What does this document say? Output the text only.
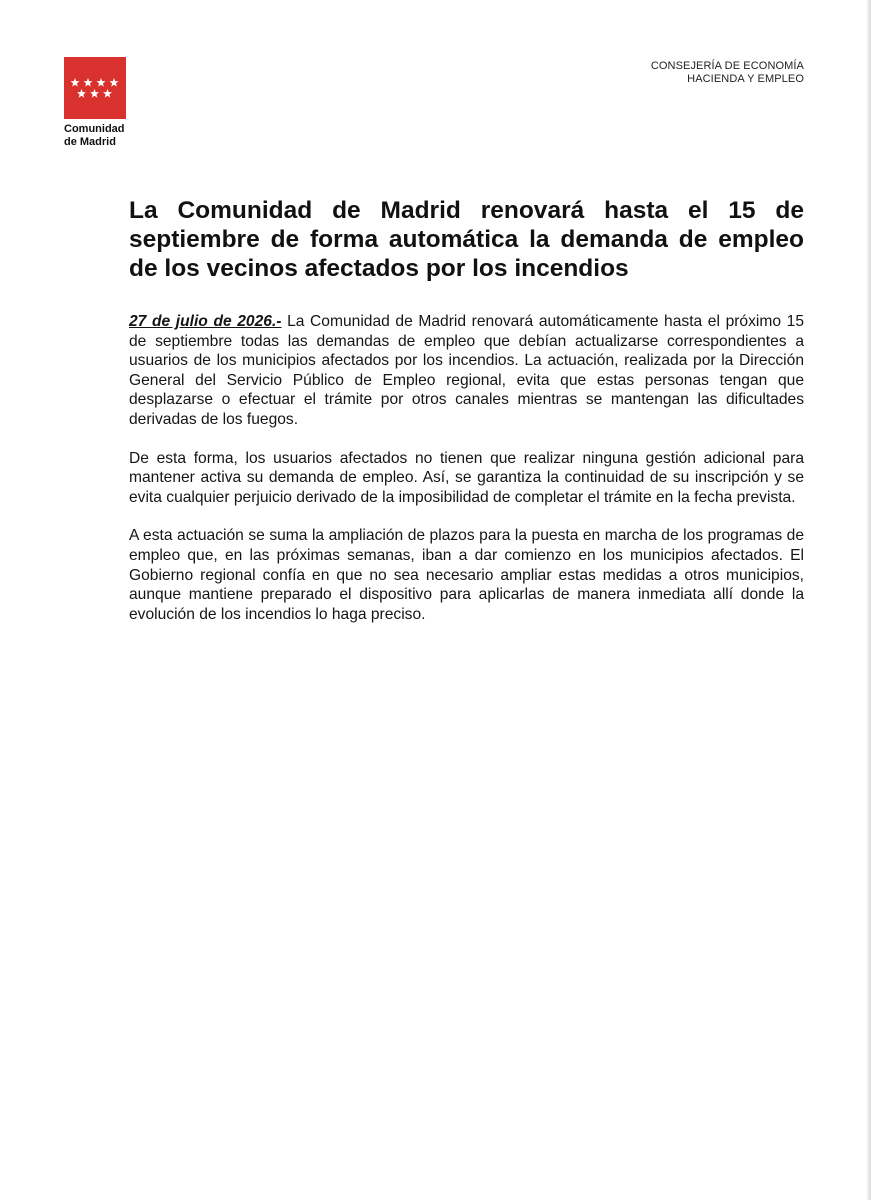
Comunidad
de Madrid
CONSEJERÍA DE ECONOMÍA
HACIENDA Y EMPLEO
La Comunidad de Madrid renovará hasta el 15 de septiembre de forma automática la demanda de empleo de los vecinos afectados por los incendios

27 de julio de 2026.- La Comunidad de Madrid renovará automáticamente hasta el próximo 15 de septiembre todas las demandas de empleo que debían actualizarse correspondientes a usuarios de los municipios afectados por los incendios. La actuación, realizada por la Dirección General del Servicio Público de Empleo regional, evita que estas personas tengan que desplazarse o efectuar el trámite por otros canales mientras se mantengan las dificultades derivadas de los fuegos.

De esta forma, los usuarios afectados no tienen que realizar ninguna gestión adicional para mantener activa su demanda de empleo. Así, se garantiza la continuidad de su inscripción y se evita cualquier perjuicio derivado de la imposibilidad de completar el trámite en la fecha prevista.

A esta actuación se suma la ampliación de plazos para la puesta en marcha de los programas de empleo que, en las próximas semanas, iban a dar comienzo en los municipios afectados. El Gobierno regional confía en que no sea necesario ampliar estas medidas a otros municipios, aunque mantiene preparado el dispositivo para aplicarlas de manera inmediata allí donde la evolución de los incendios lo haga preciso.
